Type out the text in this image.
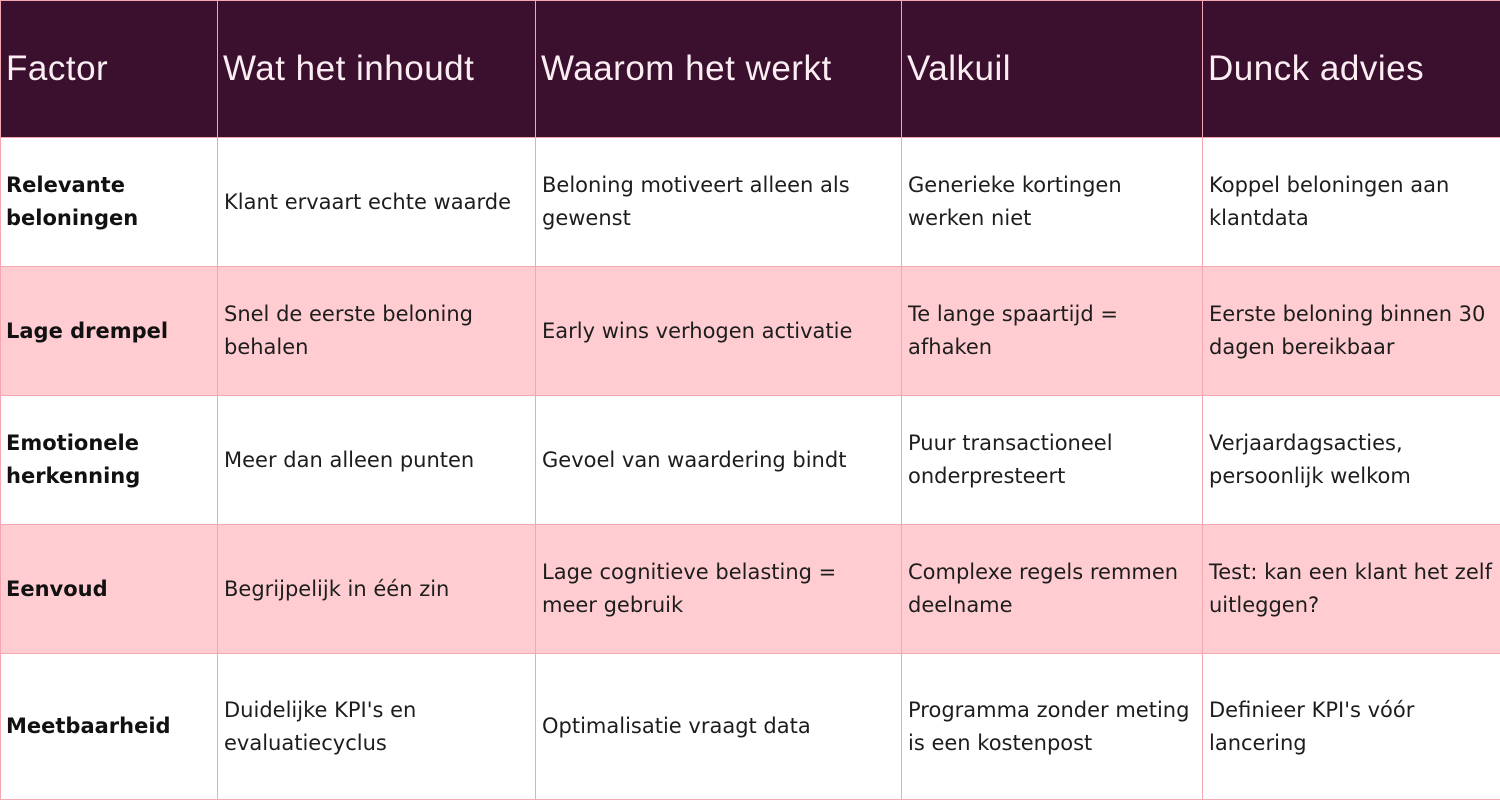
Factor	Wat het inhoudt	Waarom het werkt	Valkuil	Dunck advies
Relevante beloningen	Klant ervaart echte waarde	Beloning motiveert alleen als gewenst	Generieke kortingen werken niet	Koppel beloningen aan klantdata
Lage drempel	Snel de eerste beloning behalen	Early wins verhogen activatie	Te lange spaartijd = afhaken	Eerste beloning binnen 30 dagen bereikbaar
Emotionele herkenning	Meer dan alleen punten	Gevoel van waardering bindt	Puur transactioneel onderpresteert	Verjaardagsacties, persoonlijk welkom
Eenvoud	Begrijpelijk in één zin	Lage cognitieve belasting = meer gebruik	Complexe regels remmen deelname	Test: kan een klant het zelf uitleggen?
Meetbaarheid	Duidelijke KPI's en evaluatiecyclus	Optimalisatie vraagt data	Programma zonder meting is een kostenpost	Definieer KPI's vóór lancering
